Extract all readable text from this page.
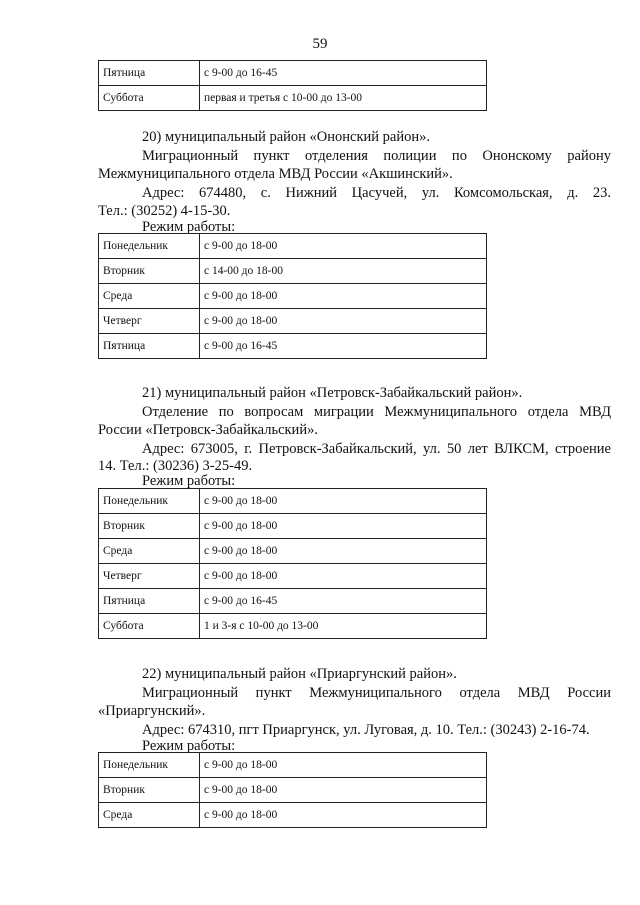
59
Пятница	с 9-00 до 16-45
Суббота	первая и третья с 10-00 до 13-00

20) муниципальный район «Ононский район».

Миграционный пункт отделения полиции по Ононскому району

Межмуниципального отдела МВД России «Акшинский».

Адрес: 674480, с. Нижний Цасучей, ул. Комсомольская, д. 23.

Тел.: (30252) 4-15-30.

Режим работы:

Понедельник	с 9-00 до 18-00
Вторник	с 14-00 до 18-00
Среда	с 9-00 до 18-00
Четверг	с 9-00 до 18-00
Пятница	с 9-00 до 16-45

21) муниципальный район «Петровск-Забайкальский район».

Отделение по вопросам миграции Межмуниципального отдела МВД

России «Петровск-Забайкальский».

Адрес: 673005, г. Петровск-Забайкальский, ул. 50 лет ВЛКСМ, строение

14. Тел.: (30236) 3-25-49.

Режим работы:

Понедельник	с 9-00 до 18-00
Вторник	с 9-00 до 18-00
Среда	с 9-00 до 18-00
Четверг	с 9-00 до 18-00
Пятница	с 9-00 до 16-45
Суббота	1 и 3-я с 10-00 до 13-00

22) муниципальный район «Приаргунский район».

Миграционный пункт Межмуниципального отдела МВД России

«Приаргунский».

Адрес: 674310, пгт Приаргунск, ул. Луговая, д. 10. Тел.: (30243) 2-16-74.

Режим работы:

Понедельник	с 9-00 до 18-00
Вторник	с 9-00 до 18-00
Среда	с 9-00 до 18-00
